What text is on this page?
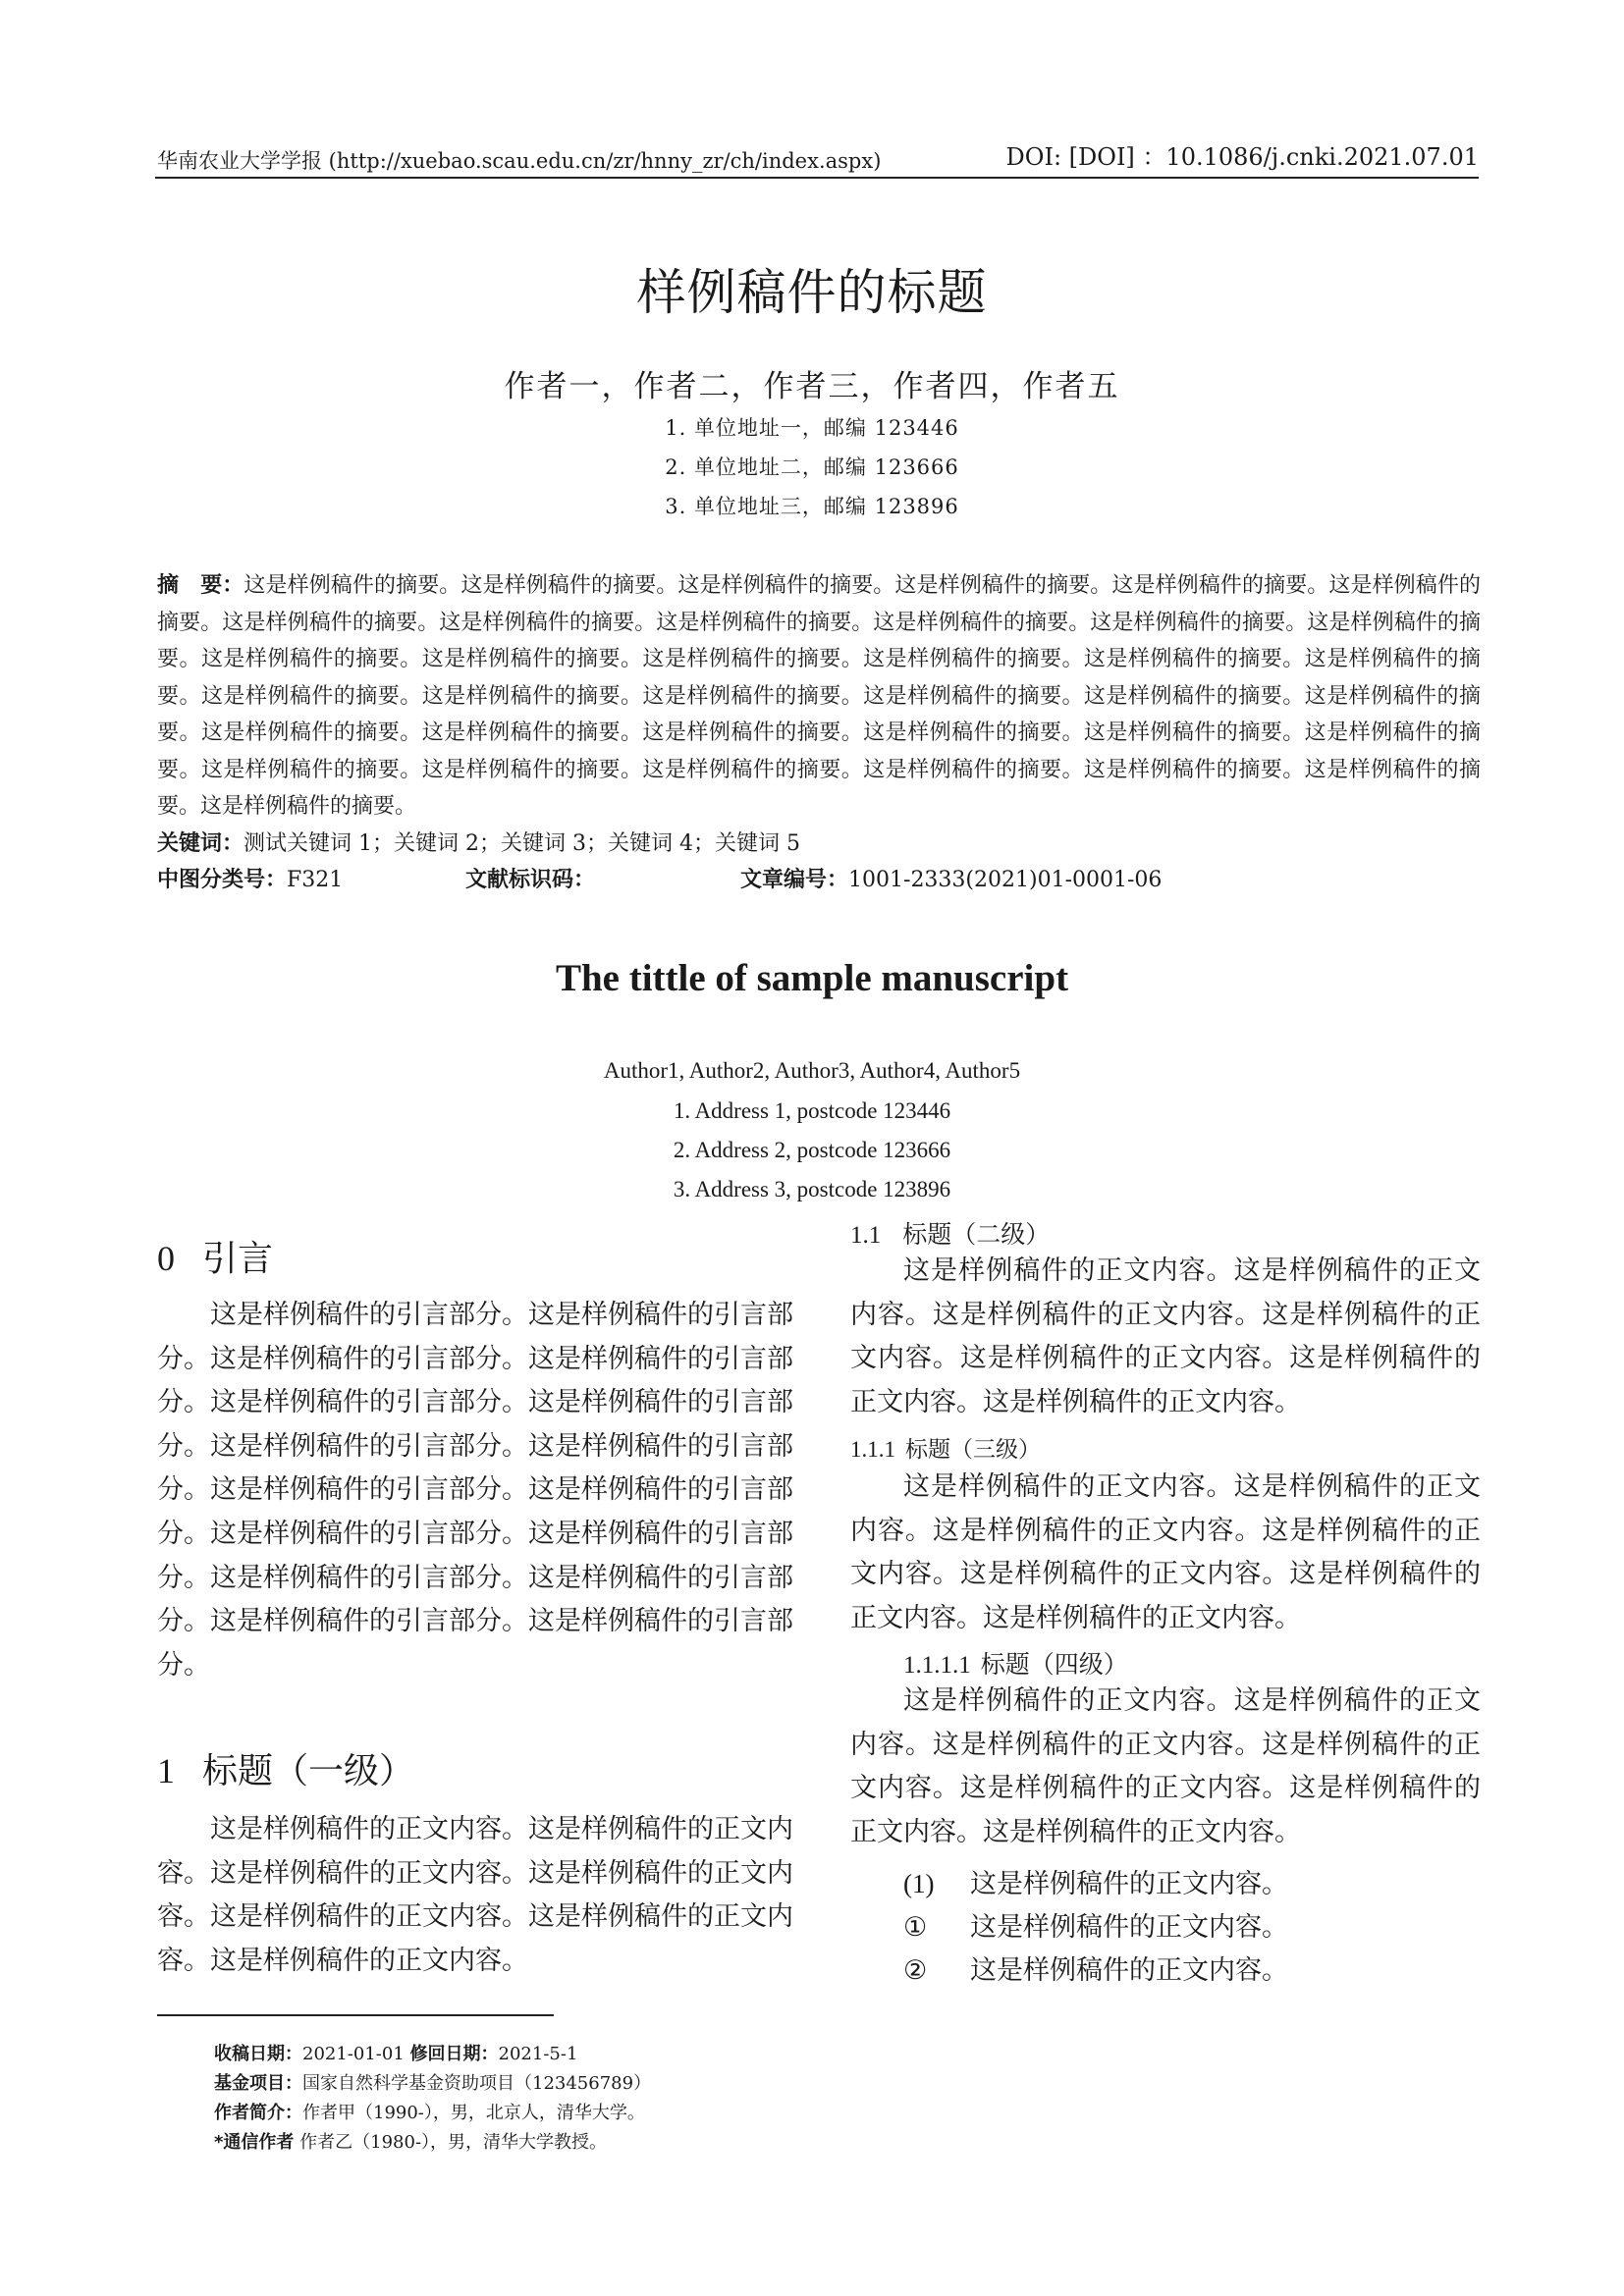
华南农业大学学报 (http://xuebao.scau.edu.cn/zr/hnny_zr/ch/index.aspx)	DOI: [DOI] ：10.1086/j.cnki.2021.07.01
样例稿件的标题
作者一，作者二，作者三，作者四，作者五
1. 单位地址一，邮编 123446
2. 单位地址二，邮编 123666
3. 单位地址三，邮编 123896
摘　要：这是样例稿件的摘要。这是样例稿件的摘要。这是样例稿件的摘要。这是样例稿件的摘要。这是样例稿件的摘要。这是样例稿件的摘要。这是样例稿件的摘要。这是样例稿件的摘要。这是样例稿件的摘要。这是样例稿件的摘要。这是样例稿件的摘要。这是样例稿件的摘要。这是样例稿件的摘要。这是样例稿件的摘要。这是样例稿件的摘要。这是样例稿件的摘要。这是样例稿件的摘要。这是样例稿件的摘要。这是样例稿件的摘要。这是样例稿件的摘要。这是样例稿件的摘要。这是样例稿件的摘要。这是样例稿件的摘要。这是样例稿件的摘要。这是样例稿件的摘要。这是样例稿件的摘要。这是样例稿件的摘要。这是样例稿件的摘要。这是样例稿件的摘要。这是样例稿件的摘要。这是样例稿件的摘要。这是样例稿件的摘要。这是样例稿件的摘要。这是样例稿件的摘要。这是样例稿件的摘要。这是样例稿件的摘要。这是样例稿件的摘要。
关键词：测试关键词 1；关键词 2；关键词 3；关键词 4；关键词 5
中图分类号：F321	文献标识码：	文章编号：1001-2333(2021)01-0001-06
The tittle of sample manuscript
Author1, Author2, Author3, Author4, Author5
1. Address 1, postcode 123446
2. Address 2, postcode 123666
3. Address 3, postcode 123896
0 引言

这是样例稿件的引言部分。这是样例稿件的引言部分。这是样例稿件的引言部分。这是样例稿件的引言部分。这是样例稿件的引言部分。这是样例稿件的引言部分。这是样例稿件的引言部分。这是样例稿件的引言部分。这是样例稿件的引言部分。这是样例稿件的引言部分。这是样例稿件的引言部分。这是样例稿件的引言部分。这是样例稿件的引言部分。这是样例稿件的引言部分。这是样例稿件的引言部分。这是样例稿件的引言部分。

1 标题（一级）

这是样例稿件的正文内容。这是样例稿件的正文内容。这是样例稿件的正文内容。这是样例稿件的正文内容。这是样例稿件的正文内容。这是样例稿件的正文内容。这是样例稿件的正文内容。

1.1 标题（二级）

这是样例稿件的正文内容。这是样例稿件的正文内容。这是样例稿件的正文内容。这是样例稿件的正文内容。这是样例稿件的正文内容。这是样例稿件的正文内容。这是样例稿件的正文内容。

1.1.1 标题（三级）

这是样例稿件的正文内容。这是样例稿件的正文内容。这是样例稿件的正文内容。这是样例稿件的正文内容。这是样例稿件的正文内容。这是样例稿件的正文内容。这是样例稿件的正文内容。

1.1.1.1 标题（四级）

这是样例稿件的正文内容。这是样例稿件的正文内容。这是样例稿件的正文内容。这是样例稿件的正文内容。这是样例稿件的正文内容。这是样例稿件的正文内容。这是样例稿件的正文内容。

(1) 这是样例稿件的正文内容。
① 这是样例稿件的正文内容。
② 这是样例稿件的正文内容。
收稿日期：2021-01-01 修回日期：2021-5-1
基金项目：国家自然科学基金资助项目（123456789）
作者简介：作者甲（1990-），男，北京人，清华大学。
*通信作者 作者乙（1980-），男，清华大学教授。
